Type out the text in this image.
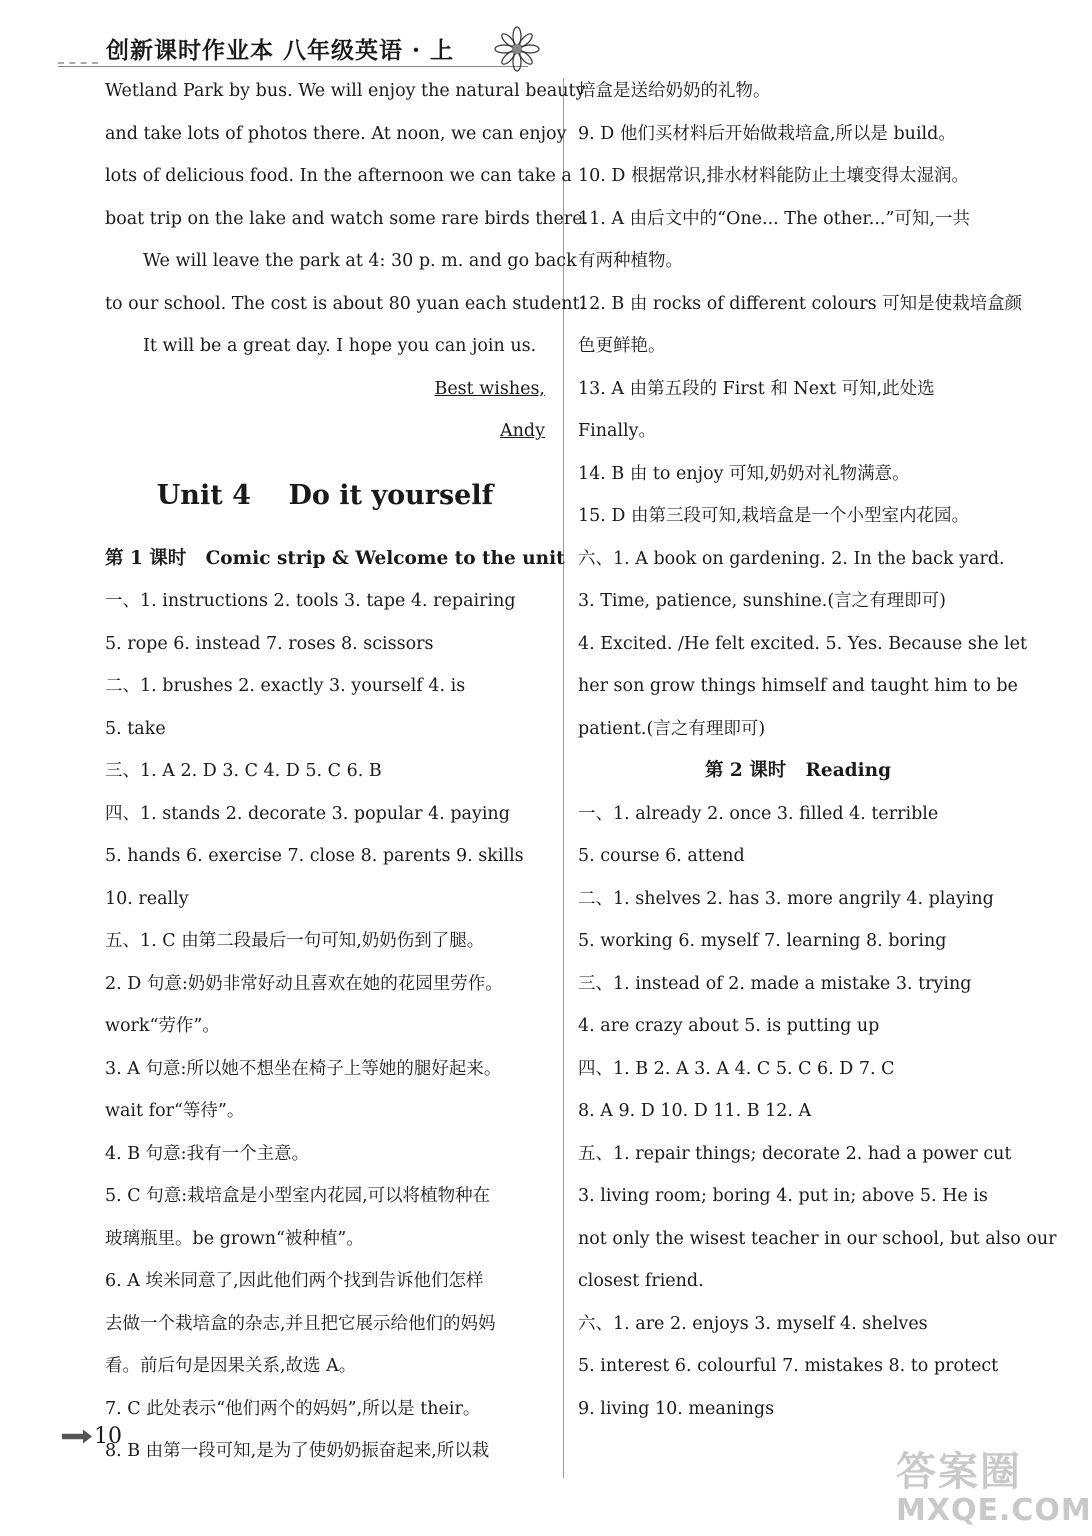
创新课时作业本 八年级英语 · 上
Wetland Park by bus. We will enjoy the natural beauty
and take lots of photos there. At noon, we can enjoy
lots of delicious food. In the afternoon we can take a
boat trip on the lake and watch some rare birds there.
We will leave the park at 4: 30 p. m. and go back
to our school. The cost is about 80 yuan each student.
It will be a great day. I hope you can join us.
Best wishes,
Andy
Unit 4    Do it yourself
第 1 课时   Comic strip & Welcome to the unit
一、1. instructions 2. tools 3. tape 4. repairing
5. rope 6. instead 7. roses 8. scissors
二、1. brushes 2. exactly 3. yourself 4. is
5. take
三、1. A 2. D 3. C 4. D 5. C 6. B
四、1. stands 2. decorate 3. popular 4. paying
5. hands 6. exercise 7. close 8. parents 9. skills
10. really
五、1. C 由第二段最后一句可知,奶奶伤到了腿。
2. D 句意:奶奶非常好动且喜欢在她的花园里劳作。
work“劳作”。
3. A 句意:所以她不想坐在椅子上等她的腿好起来。
wait for“等待”。
4. B 句意:我有一个主意。
5. C 句意:栽培盒是小型室内花园,可以将植物种在
玻璃瓶里。be grown“被种植”。
6. A 埃米同意了,因此他们两个找到告诉他们怎样
去做一个栽培盒的杂志,并且把它展示给他们的妈妈
看。前后句是因果关系,故选 A。
7. C 此处表示“他们两个的妈妈”,所以是 their。
8. B 由第一段可知,是为了使奶奶振奋起来,所以栽
培盒是送给奶奶的礼物。
9. D 他们买材料后开始做栽培盒,所以是 build。
10. D 根据常识,排水材料能防止土壤变得太湿润。
11. A 由后文中的“One... The other...”可知,一共
有两种植物。
12. B 由 rocks of different colours 可知是使栽培盒颜
色更鲜艳。
13. A 由第五段的 First 和 Next 可知,此处选
Finally。
14. B 由 to enjoy 可知,奶奶对礼物满意。
15. D 由第三段可知,栽培盒是一个小型室内花园。
六、1. A book on gardening. 2. In the back yard.
3. Time, patience, sunshine.(言之有理即可)
4. Excited. /He felt excited. 5. Yes. Because she let
her son grow things himself and taught him to be
patient.(言之有理即可)
第 2 课时   Reading
一、1. already 2. once 3. filled 4. terrible
5. course 6. attend
二、1. shelves 2. has 3. more angrily 4. playing
5. working 6. myself 7. learning 8. boring
三、1. instead of 2. made a mistake 3. trying
4. are crazy about 5. is putting up
四、1. B 2. A 3. A 4. C 5. C 6. D 7. C
8. A 9. D 10. D 11. B 12. A
五、1. repair things; decorate 2. had a power cut
3. living room; boring 4. put in; above 5. He is
not only the wisest teacher in our school, but also our
closest friend.
六、1. are 2. enjoys 3. myself 4. shelves
5. interest 6. colourful 7. mistakes 8. to protect
9. living 10. meanings
10
答案圈
MXQE.COM
